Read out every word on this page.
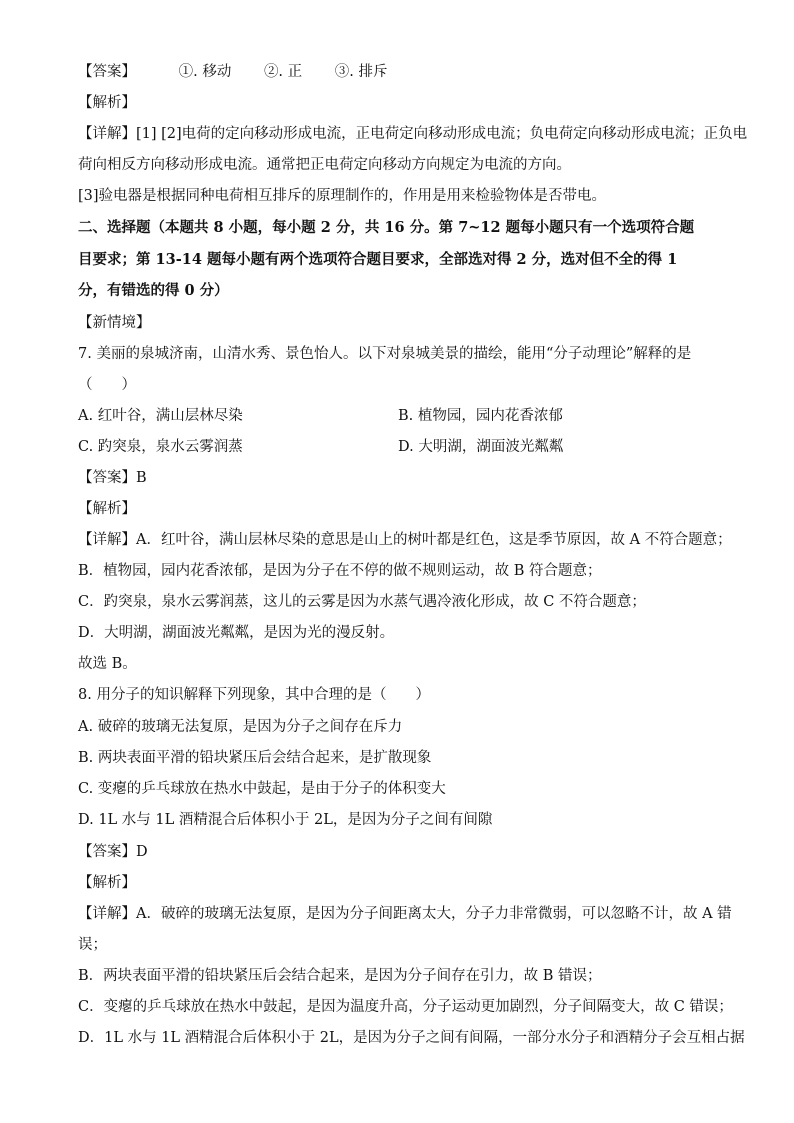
【答案】	①. 移动 ②. 正 ③. 排斥
【解析】
【详解】[1] [2]电荷的定向移动形成电流，正电荷定向移动形成电流；负电荷定向移动形成电流；正负电
荷向相反方向移动形成电流。通常把正电荷定向移动方向规定为电流的方向。
[3]验电器是根据同种电荷相互排斥的原理制作的，作用是用来检验物体是否带电。
二、选择题（本题共 8 小题，每小题 2 分，共 16 分。第 7~12 题每小题只有一个选项符合题
目要求；第 13-14 题每小题有两个选项符合题目要求，全部选对得 2 分，选对但不全的得 1
分，有错选的得 0 分）
【新情境】
7. 美丽的泉城济南，山清水秀、景色怡人。以下对泉城美景的描绘，能用“分子动理论”解释的是
（　　）
A. 红叶谷，满山层林尽染	B. 植物园，园内花香浓郁
C. 趵突泉，泉水云雾润蒸	D. 大明湖，湖面波光粼粼
【答案】B
【解析】
【详解】A．红叶谷，满山层林尽染的意思是山上的树叶都是红色，这是季节原因，故 A 不符合题意；
B．植物园，园内花香浓郁，是因为分子在不停的做不规则运动，故 B 符合题意；
C．趵突泉，泉水云雾润蒸，这儿的云雾是因为水蒸气遇冷液化形成，故 C 不符合题意；
D．大明湖，湖面波光粼粼，是因为光的漫反射。
故选 B。
8. 用分子的知识解释下列现象，其中合理的是（　　）
A. 破碎的玻璃无法复原，是因为分子之间存在斥力
B. 两块表面平滑的铅块紧压后会结合起来，是扩散现象
C. 变瘪的乒乓球放在热水中鼓起，是由于分子的体积变大
D. 1L 水与 1L 酒精混合后体积小于 2L，是因为分子之间有间隙
【答案】D
【解析】
【详解】A．破碎的玻璃无法复原，是因为分子间距离太大，分子力非常微弱，可以忽略不计，故 A 错
误；
B．两块表面平滑的铅块紧压后会结合起来，是因为分子间存在引力，故 B 错误；
C．变瘪的乒乓球放在热水中鼓起，是因为温度升高，分子运动更加剧烈，分子间隔变大，故 C 错误；
D．1L 水与 1L 酒精混合后体积小于 2L，是因为分子之间有间隔，一部分水分子和酒精分子会互相占据
